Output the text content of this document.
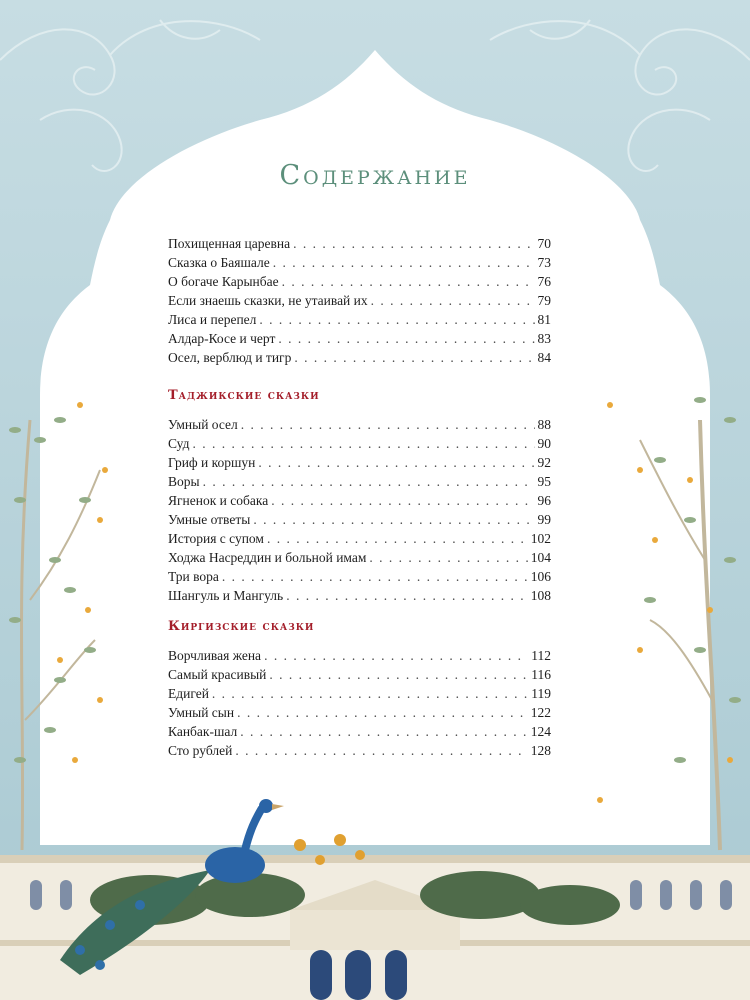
Содержание
Похищенная царевна . . .	70
Сказка о Баяшале . . .	73
О богаче Карынбае . . .	76
Если знаешь сказки, не утаивай их . . .	79
Лиса и перепел . . .	81
Алдар-Косе и черт . . .	83
Осел, верблюд и тигр . . .	84
Таджикские сказки
Умный осел . . .	88
Суд . . .	90
Гриф и коршун . . .	92
Воры . . .	95
Ягненок и собака . . .	96
Умные ответы . . .	99
История с супом . . .	102
Ходжа Насреддин и больной имам . . .	104
Три вора . . .	106
Шангуль и Мангуль . . .	108
Киргизские сказки
Ворчливая жена . . .	112
Самый красивый . . .	116
Едигей . . .	119
Умный сын . . .	122
Канбак-шал . . .	124
Сто рублей . . .	128
